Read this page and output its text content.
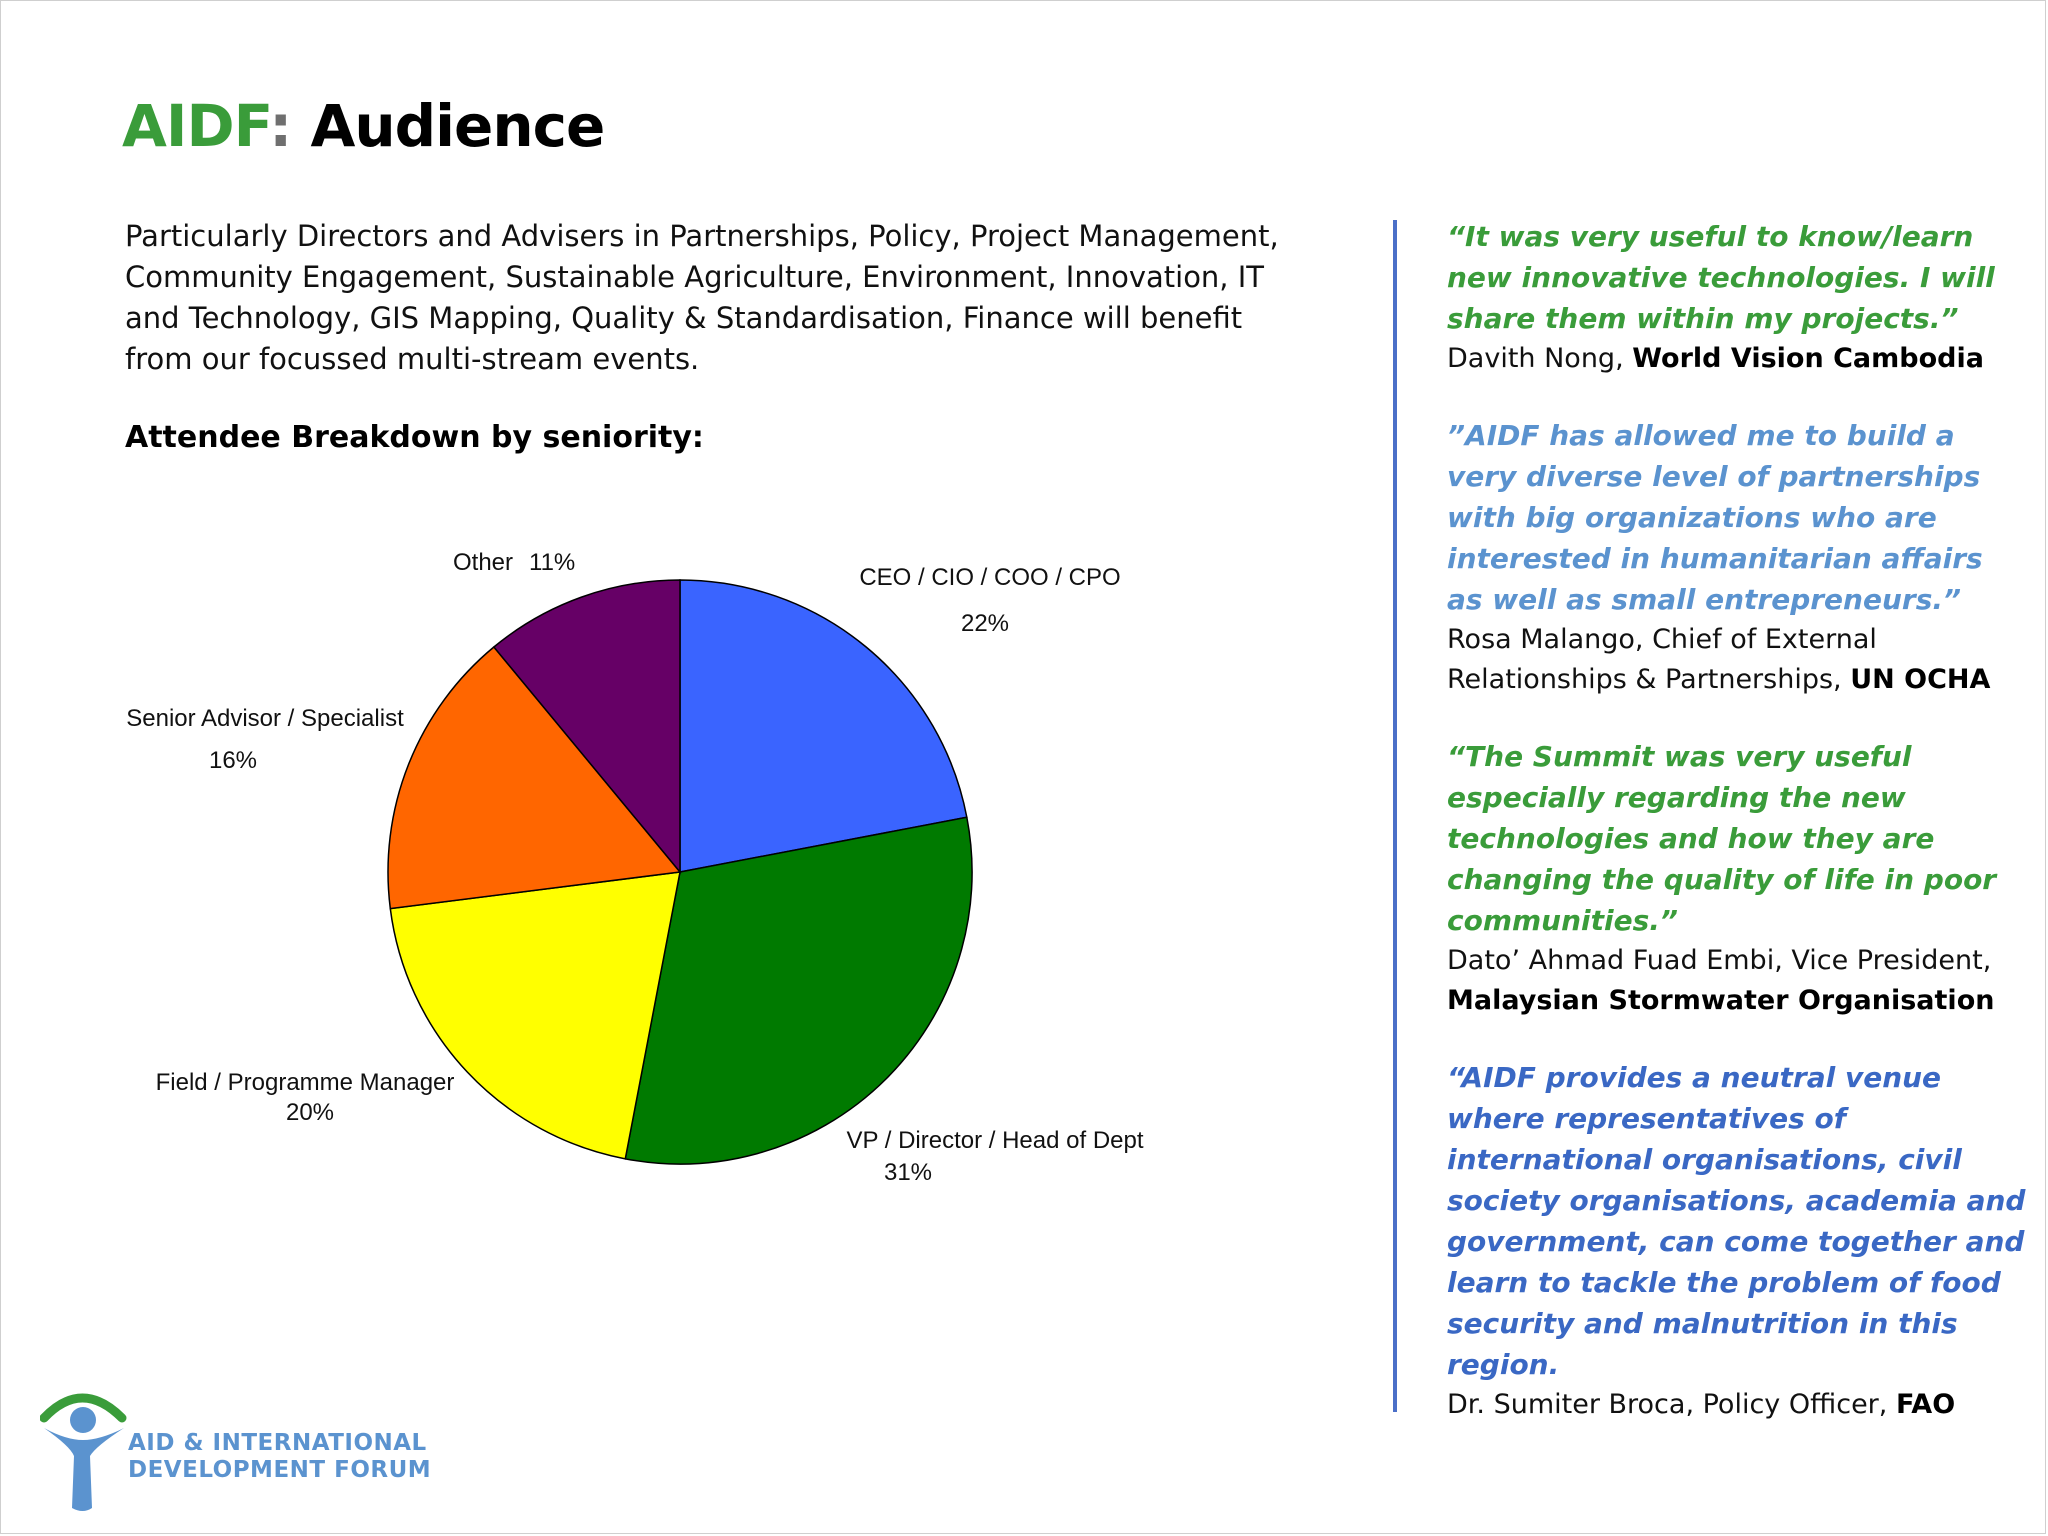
AIDF: Audience

Particularly Directors and Advisers in Partnerships, Policy, Project Management, Community Engagement, Sustainable Agriculture, Environment, Innovation, IT and Technology, GIS Mapping, Quality & Standardisation, Finance will benefit from our focussed multi-stream events.

Attendee Breakdown by seniority:

CEO / CIO / COO / CPO
22%
VP / Director / Head of Dept
31%
Field / Programme Manager
20%
Senior Advisor / Specialist
16%
Other 11%

“It was very useful to know/learn new innovative technologies. I will share them within my projects.”

Davith Nong, World Vision Cambodia

”AIDF has allowed me to build a very diverse level of partnerships with big organizations who are interested in humanitarian affairs as well as small entrepreneurs.”

Rosa Malango, Chief of External Relationships & Partnerships, UN OCHA

“The Summit was very useful especially regarding the new technologies and how they are changing the quality of life in poor communities.”

Dato’ Ahmad Fuad Embi, Vice President, Malaysian Stormwater Organisation

“AIDF provides a neutral venue where representatives of international organisations, civil society organisations, academia and government, can come together and learn to tackle the problem of food security and malnutrition in this region.

Dr. Sumiter Broca, Policy Officer, FAO

AID & INTERNATIONAL
DEVELOPMENT FORUM
